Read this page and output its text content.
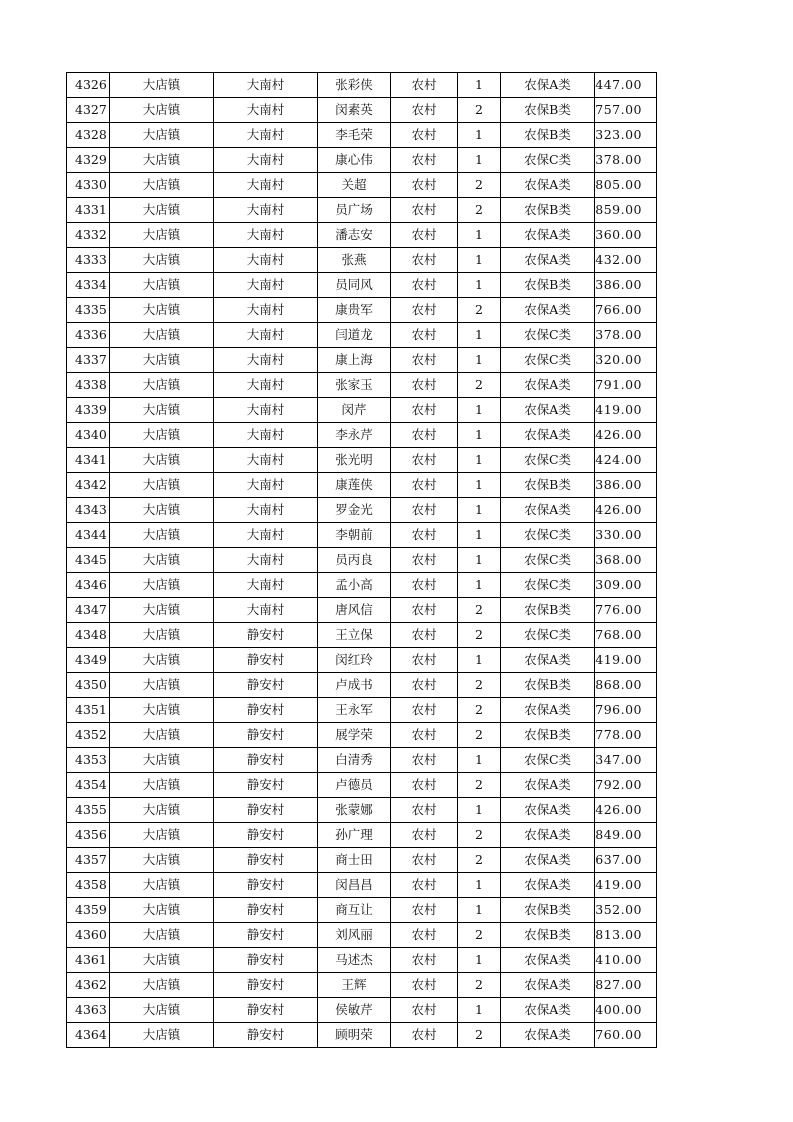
4326	大店镇	大南村	张彩侠	农村	1	农保A类	447.00
4327	大店镇	大南村	闵素英	农村	2	农保B类	757.00
4328	大店镇	大南村	李毛荣	农村	1	农保B类	323.00
4329	大店镇	大南村	康心伟	农村	1	农保C类	378.00
4330	大店镇	大南村	关超	农村	2	农保A类	805.00
4331	大店镇	大南村	员广场	农村	2	农保B类	859.00
4332	大店镇	大南村	潘志安	农村	1	农保A类	360.00
4333	大店镇	大南村	张燕	农村	1	农保A类	432.00
4334	大店镇	大南村	员同风	农村	1	农保B类	386.00
4335	大店镇	大南村	康贵军	农村	2	农保A类	766.00
4336	大店镇	大南村	闫道龙	农村	1	农保C类	378.00
4337	大店镇	大南村	康上海	农村	1	农保C类	320.00
4338	大店镇	大南村	张家玉	农村	2	农保A类	791.00
4339	大店镇	大南村	闵芹	农村	1	农保A类	419.00
4340	大店镇	大南村	李永芹	农村	1	农保A类	426.00
4341	大店镇	大南村	张光明	农村	1	农保C类	424.00
4342	大店镇	大南村	康莲侠	农村	1	农保B类	386.00
4343	大店镇	大南村	罗金光	农村	1	农保A类	426.00
4344	大店镇	大南村	李朝前	农村	1	农保C类	330.00
4345	大店镇	大南村	员丙良	农村	1	农保C类	368.00
4346	大店镇	大南村	孟小高	农村	1	农保C类	309.00
4347	大店镇	大南村	唐风信	农村	2	农保B类	776.00
4348	大店镇	静安村	王立保	农村	2	农保C类	768.00
4349	大店镇	静安村	闵红玲	农村	1	农保A类	419.00
4350	大店镇	静安村	卢成书	农村	2	农保B类	868.00
4351	大店镇	静安村	王永军	农村	2	农保A类	796.00
4352	大店镇	静安村	展学荣	农村	2	农保B类	778.00
4353	大店镇	静安村	白清秀	农村	1	农保C类	347.00
4354	大店镇	静安村	卢德员	农村	2	农保A类	792.00
4355	大店镇	静安村	张蒙娜	农村	1	农保A类	426.00
4356	大店镇	静安村	孙广理	农村	2	农保A类	849.00
4357	大店镇	静安村	商士田	农村	2	农保A类	637.00
4358	大店镇	静安村	闵昌昌	农村	1	农保A类	419.00
4359	大店镇	静安村	商互让	农村	1	农保B类	352.00
4360	大店镇	静安村	刘风丽	农村	2	农保B类	813.00
4361	大店镇	静安村	马述杰	农村	1	农保A类	410.00
4362	大店镇	静安村	王辉	农村	2	农保A类	827.00
4363	大店镇	静安村	侯敏芹	农村	1	农保A类	400.00
4364	大店镇	静安村	顾明荣	农村	2	农保A类	760.00
